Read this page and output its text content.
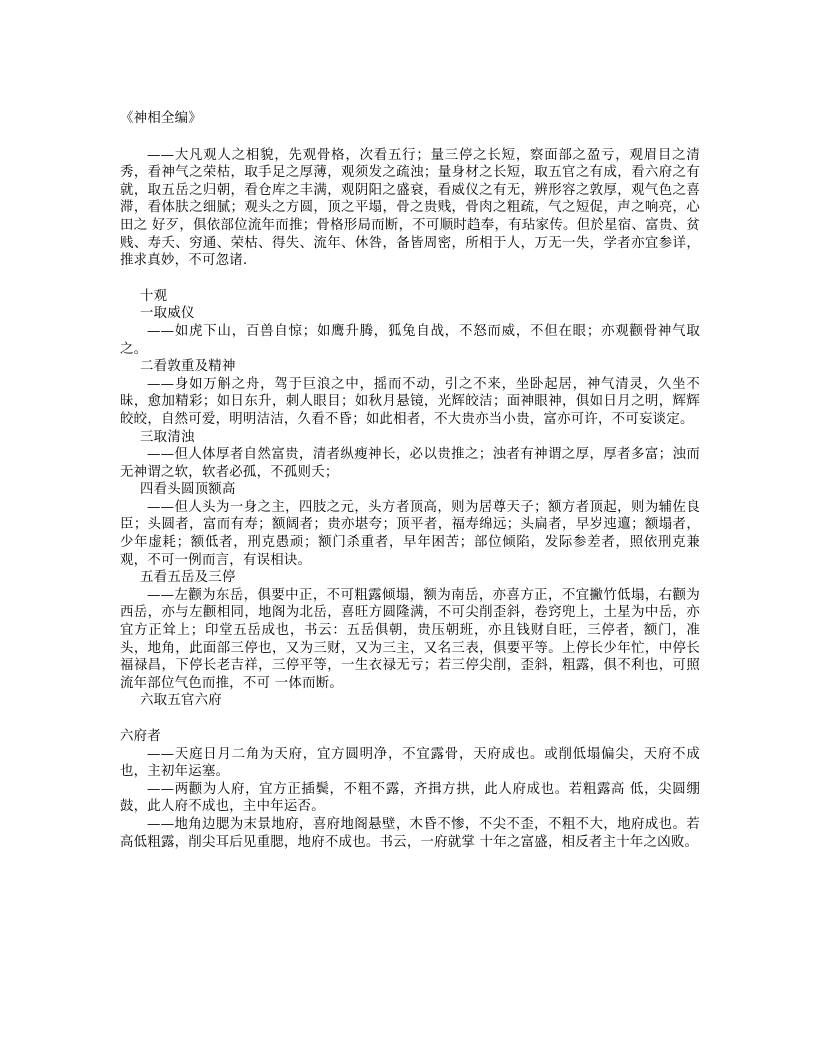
《神相全编》
——大凡观人之相貌，先观骨格，次看五行；量三停之长短，察面部之盈亏，观眉目之清秀，看神气之荣枯，取手足之厚薄，观须发之疏浊；量身材之长短，取五官之有成，看六府之有就，取五岳之归朝，看仓库之丰满，观阴阳之盛衰，看威仪之有无，辨形容之敦厚，观气色之喜滞，看体肤之细腻；观头之方圆，顶之平塌，骨之贵贱，骨肉之粗疏，气之短促，声之响亮，心田之 好歹，俱依部位流年而推；骨格形局而断，不可顺时趋奉，有玷家传。但於星宿、富贵、贫贱、寿夭、穷通、荣枯、得失、流年、休咎，备皆周密，所相于人，万无一失，学者亦宜参详，推求真妙，不可忽诸.
十观
一取威仪
——如虎下山，百兽自惊；如鹰升腾，狐兔自战，不怒而威，不但在眼；亦观颧骨神气取之。
二看敦重及精神
——身如万斛之舟，驾于巨浪之中，摇而不动，引之不来，坐卧起居，神气清灵，久坐不昧，愈加精彩；如日东升，刺人眼目；如秋月悬镜，光辉皎洁；面神眼神，俱如日月之明，辉辉皎皎，自然可爱，明明洁洁，久看不昏；如此相者，不大贵亦当小贵，富亦可许，不可妄谈定。
三取清浊
——但人体厚者自然富贵，清者纵瘦神长，必以贵推之；浊者有神谓之厚，厚者多富；浊而无神谓之软，软者必孤，不孤则夭；
四看头圆顶额高
——但人头为一身之主，四肢之元，头方者顶高，则为居尊天子；额方者顶起，则为辅佐良臣；头圆者，富而有寿；额阔者；贵亦堪夸；顶平者，福寿绵远；头扁者，早岁迍邅；额塌者，少年虚耗；额低者，刑克愚顽；额门杀重者，早年困苦；部位倾陷，发际参差者，照依刑克兼观，不可一例而言，有误相诀。
五看五岳及三停
——左颧为东岳，俱要中正，不可粗露倾塌，额为南岳，亦喜方正，不宜撇竹低塌，右颧为西岳，亦与左颧相同，地阁为北岳，喜旺方圆隆满，不可尖削歪斜，卷窍兜上，土星为中岳，亦宜方正耸上；印堂五岳成也，书云：五岳俱朝，贵压朝班，亦且钱财自旺，三停者，额门，准头，地角，此面部三停也，又为三财，又为三主，又名三表，俱要平等。上停长少年忙，中停长福禄昌，下停长老吉祥，三停平等，一生衣禄无亏；若三停尖削，歪斜，粗露，俱不利也，可照流年部位气色而推，不可 一体而断。
六取五官六府
六府者
——天庭日月二角为天府，宜方圆明净，不宜露骨，天府成也。或削低塌偏尖，天府不成也，主初年运塞。
——两颧为人府，宜方正插鬓，不粗不露，齐揖方拱，此人府成也。若粗露高 低，尖圆绷鼓，此人府不成也，主中年运否。
——地角边腮为末景地府，喜府地阁悬壁，木昏不惨，不尖不歪，不粗不大，地府成也。若高低粗露，削尖耳后见重腮，地府不成也。书云，一府就掌 十年之富盛，相反者主十年之凶败。
